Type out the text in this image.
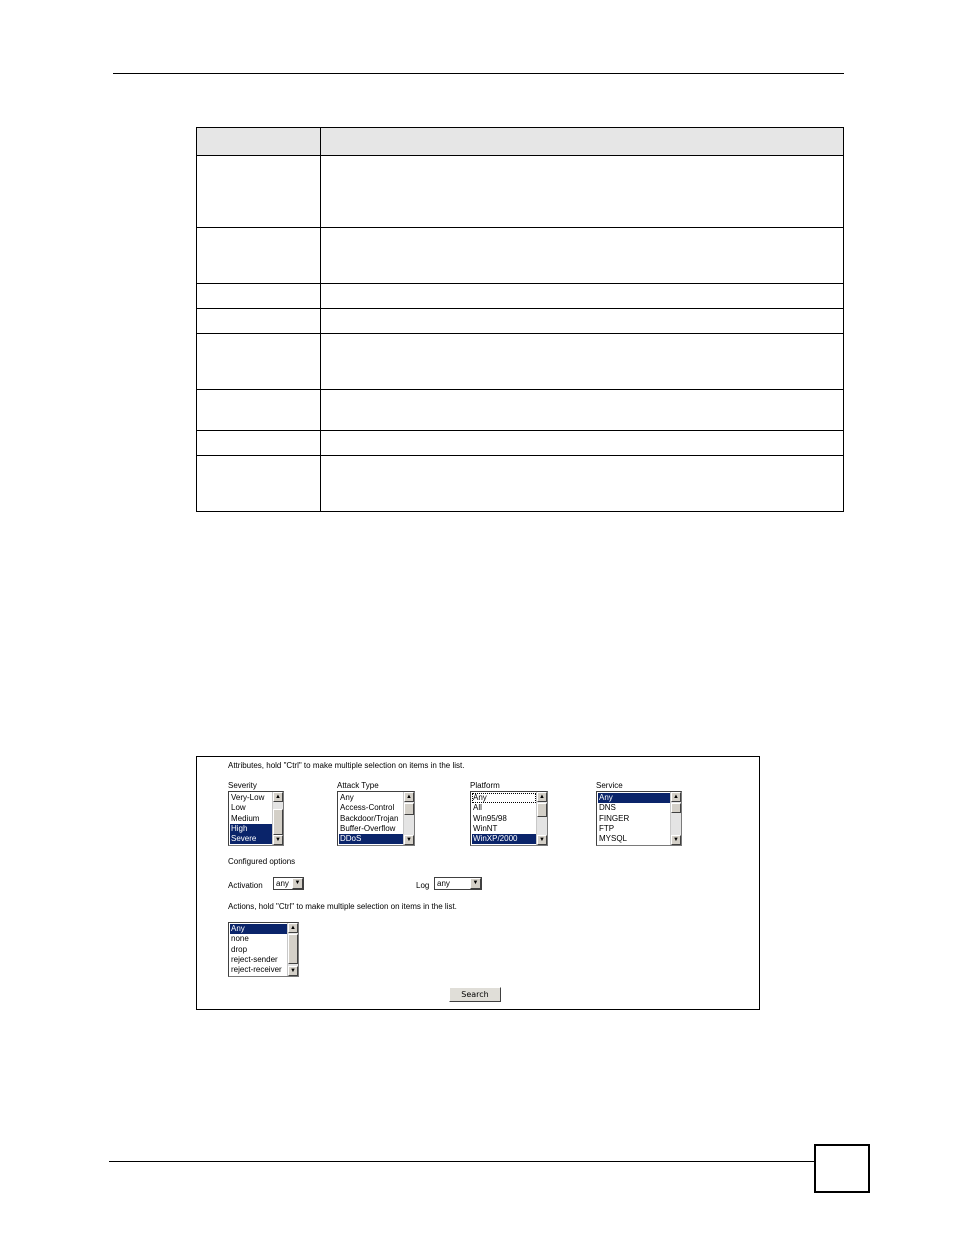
Attributes, hold "Ctrl" to make multiple selection on items in the list.
Severity
Very-Low
Low
Medium
High
Severe
▲
▼
Attack Type
Any
Access-Control
Backdoor/Trojan
Buffer-Overflow
DDoS
▲
▼
Platform
Any
All
Win95/98
WinNT
WinXP/2000
▲
▼
Service
Any
DNS
FINGER
FTP
MYSQL
▲
▼
Configured options
Activation	any ▼	Log any	▼
Actions, hold "Ctrl" to make multiple selection on items in the list.
Any
none
drop
reject-sender
reject-receiver
▲
▼
Search
